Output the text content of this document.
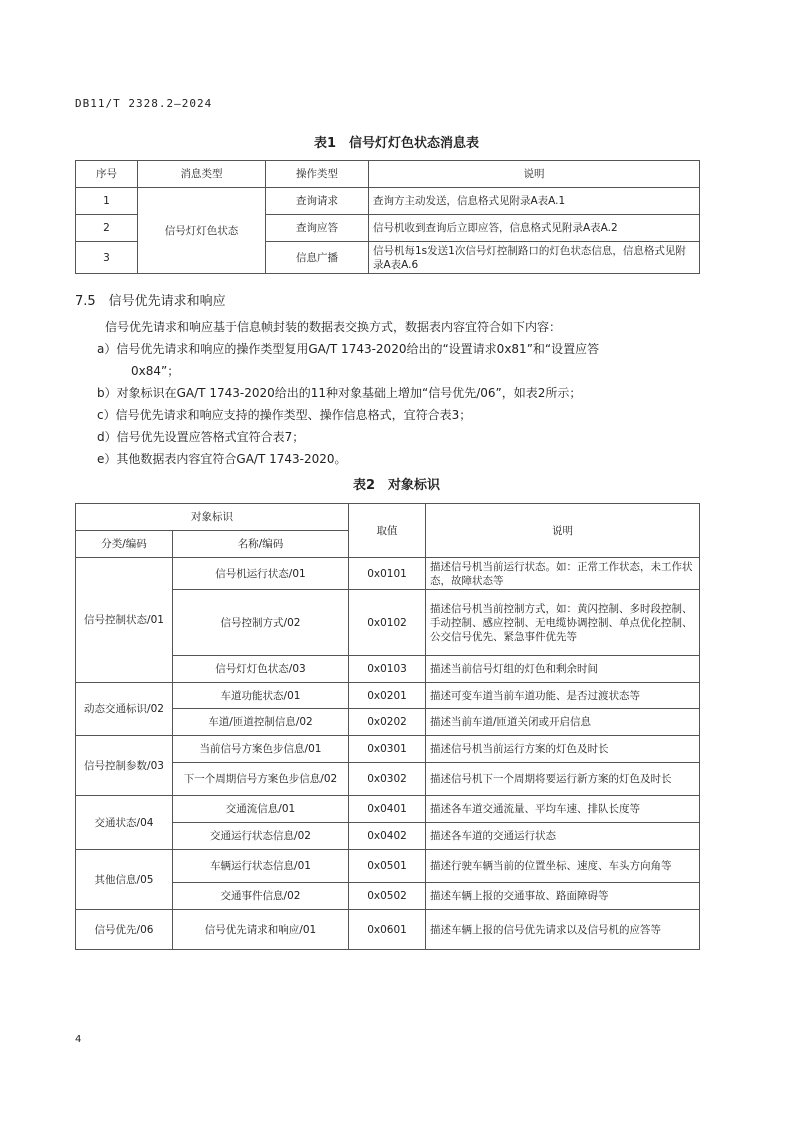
DB11/T 2328.2—2024
表1　信号灯灯色状态消息表
序号	消息类型	操作类型	说明
1	信号灯灯色状态	查询请求	查询方主动发送，信息格式见附录A表A.1
2		查询应答	信号机收到查询后立即应答，信息格式见附录A表A.2
3		信息广播	信号机每1s发送1次信号灯控制路口的灯色状态信息，信息格式见附录A表A.6
7.5　信号优先请求和响应
信号优先请求和响应基于信息帧封装的数据表交换方式，数据表内容宜符合如下内容：
a）信号优先请求和响应的操作类型复用GA/T 1743-2020给出的“设置请求0x81”和“设置应答
0x84”；
b）对象标识在GA/T 1743-2020给出的11种对象基础上增加“信号优先/06”，如表2所示；
c）信号优先请求和响应支持的操作类型、操作信息格式，宜符合表3；
d）信号优先设置应答格式宜符合表7；
e）其他数据表内容宜符合GA/T 1743-2020。
表2　对象标识
对象标识		取值	说明
分类/编码	名称/编码		
信号控制状态/01	信号机运行状态/01	0x0101	描述信号机当前运行状态。如：正常工作状态，未工作状态，故障状态等
	信号控制方式/02	0x0102	描述信号机当前控制方式，如：黄闪控制、多时段控制、手动控制、感应控制、无电缆协调控制、单点优化控制、公交信号优先、紧急事件优先等
	信号灯灯色状态/03	0x0103	描述当前信号灯组的灯色和剩余时间
动态交通标识/02	车道功能状态/01	0x0201	描述可变车道当前车道功能、是否过渡状态等
	车道/匝道控制信息/02	0x0202	描述当前车道/匝道关闭或开启信息
信号控制参数/03	当前信号方案色步信息/01	0x0301	描述信号机当前运行方案的灯色及时长
	下一个周期信号方案色步信息/02	0x0302	描述信号机下一个周期将要运行新方案的灯色及时长
交通状态/04	交通流信息/01	0x0401	描述各车道交通流量、平均车速、排队长度等
	交通运行状态信息/02	0x0402	描述各车道的交通运行状态
其他信息/05	车辆运行状态信息/01	0x0501	描述行驶车辆当前的位置坐标、速度、车头方向角等
	交通事件信息/02	0x0502	描述车辆上报的交通事故、路面障碍等
信号优先/06	信号优先请求和响应/01	0x0601	描述车辆上报的信号优先请求以及信号机的应答等
4
